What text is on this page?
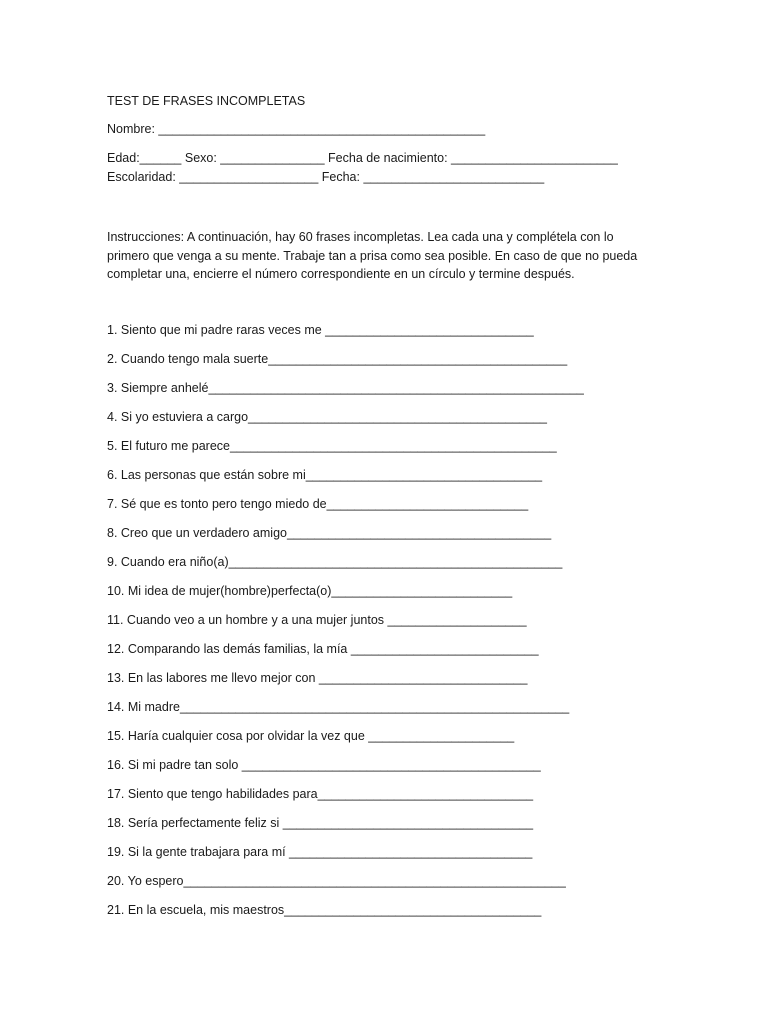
TEST DE FRASES INCOMPLETAS
Nombre: _______________________________________________
Edad:______ Sexo: _______________ Fecha de nacimiento: ________________________
Escolaridad: ____________________ Fecha: __________________________
Instrucciones: A continuación, hay 60 frases incompletas. Lea cada una y complétela con lo primero que venga a su mente. Trabaje tan a prisa como sea posible. En caso de que no pueda completar una, encierre el número correspondiente en un círculo y termine después.
1. Siento que mi padre raras veces me ______________________________
2. Cuando tengo mala suerte___________________________________________
3. Siempre anhelé______________________________________________________
4. Si yo estuviera a cargo___________________________________________
5. El futuro me parece_______________________________________________
6. Las personas que están sobre mi__________________________________
7. Sé que es tonto pero tengo miedo de_____________________________
8. Creo que un verdadero amigo______________________________________
9. Cuando era niño(a)________________________________________________
10. Mi idea de mujer(hombre)perfecta(o)__________________________
11. Cuando veo a un hombre y a una mujer juntos ____________________
12. Comparando las demás familias, la mía ___________________________
13. En las labores me llevo mejor con ______________________________
14. Mi madre________________________________________________________
15. Haría cualquier cosa por olvidar la vez que _____________________
16. Si mi padre tan solo ___________________________________________
17. Siento que tengo habilidades para_______________________________
18. Sería perfectamente feliz si ____________________________________
19. Si la gente trabajara para mí ___________________________________
20. Yo espero_______________________________________________________
21. En la escuela, mis maestros_____________________________________
